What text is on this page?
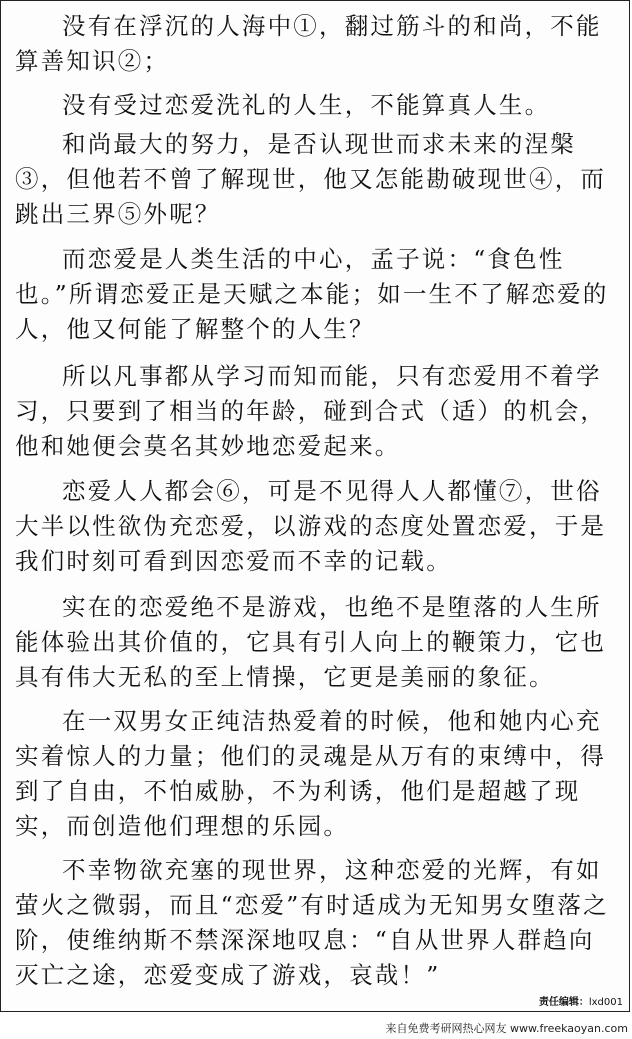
没有在浮沉的人海中①，翻过筋斗的和尚，不能算善知识②；

没有受过恋爱洗礼的人生，不能算真人生。

和尚最大的努力，是否认现世而求未来的涅槃③，但他若不曾了解现世，他又怎能勘破现世④，而跳出三界⑤外呢？

而恋爱是人类生活的中心，孟子说：“食色性也。”所谓恋爱正是天赋之本能；如一生不了解恋爱的人，他又何能了解整个的人生？

所以凡事都从学习而知而能，只有恋爱用不着学习，只要到了相当的年龄，碰到合式（适）的机会，他和她便会莫名其妙地恋爱起来。

恋爱人人都会⑥，可是不见得人人都懂⑦，世俗大半以性欲伪充恋爱，以游戏的态度处置恋爱，于是我们时刻可看到因恋爱而不幸的记载。

实在的恋爱绝不是游戏，也绝不是堕落的人生所能体验出其价值的，它具有引人向上的鞭策力，它也具有伟大无私的至上情操，它更是美丽的象征。

在一双男女正纯洁热爱着的时候，他和她内心充实着惊人的力量；他们的灵魂是从万有的束缚中，得到了自由，不怕威胁，不为利诱，他们是超越了现实，而创造他们理想的乐园。

不幸物欲充塞的现世界，这种恋爱的光辉，有如萤火之微弱，而且“恋爱”有时适成为无知男女堕落之阶，使维纳斯不禁深深地叹息：“自从世界人群趋向灭亡之途，恋爱变成了游戏，哀哉！”

责任编辑：lxd001
来自免费考研网热心网友 www.freekaoyan.com
